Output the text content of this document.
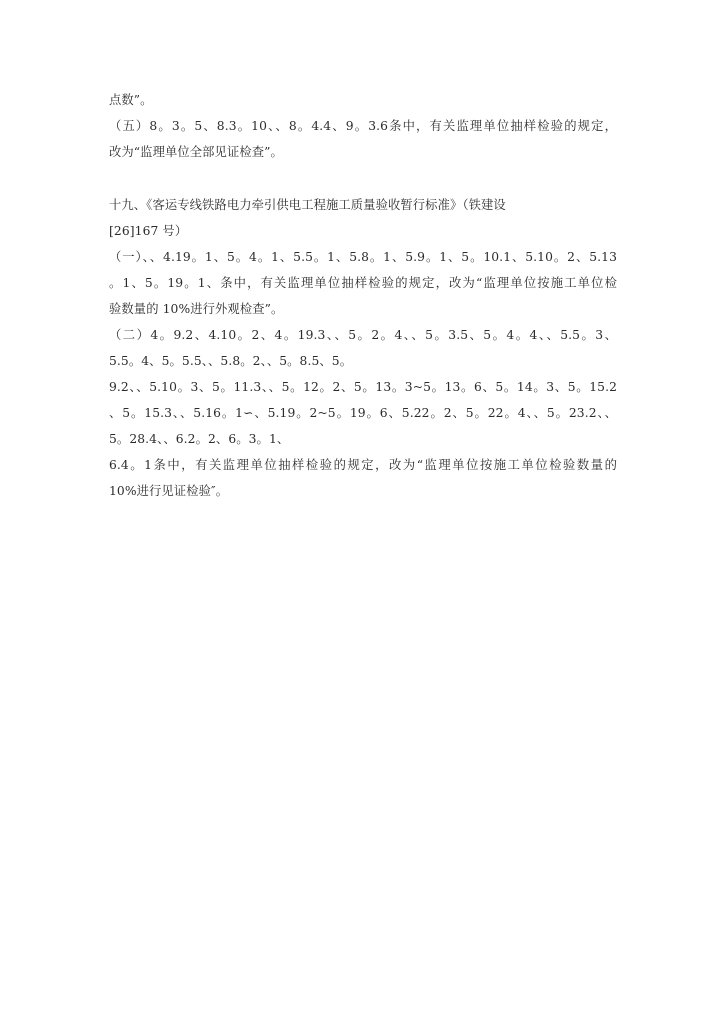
点数”。
（五）8。3。5、8.3。10、、8。4.4、9。3.6条中，有关监理单位抽样检验的规定，
改为“监理单位全部见证检查”。
十九、《客运专线铁路电力牵引供电工程施工质量验收暂行标准》（铁建设
[26]167 号）
（一）、、4.19。1、5。4。1、5.5。1、5.8。1、5.9。1、5。10.1、5.10。2、5.13
。1、5。19。1、条中，有关监理单位抽样检验的规定，改为“监理单位按施工单位检
验数量的 10%进行外观检查”。
（二）4。9.2、4.10。2、4。19.3、、5。2。4、、5。3.5、5。4。4、、5.5。3、
5.5。4、5。5.5、、5.8。2、、5。8.5、5。
9.2、、5.10。3、5。11.3、、5。12。2、5。13。3~5。13。6、5。14。3、5。15.2
、5。15.3、、5.16。1∽、5.19。2~5。19。6、5.22。2、5。22。4、、5。23.2、、
5。28.4、、6.2。2、6。3。1、
6.4。1条中，有关监理单位抽样检验的规定，改为“监理单位按施工单位检验数量的
10%进行见证检验″。
